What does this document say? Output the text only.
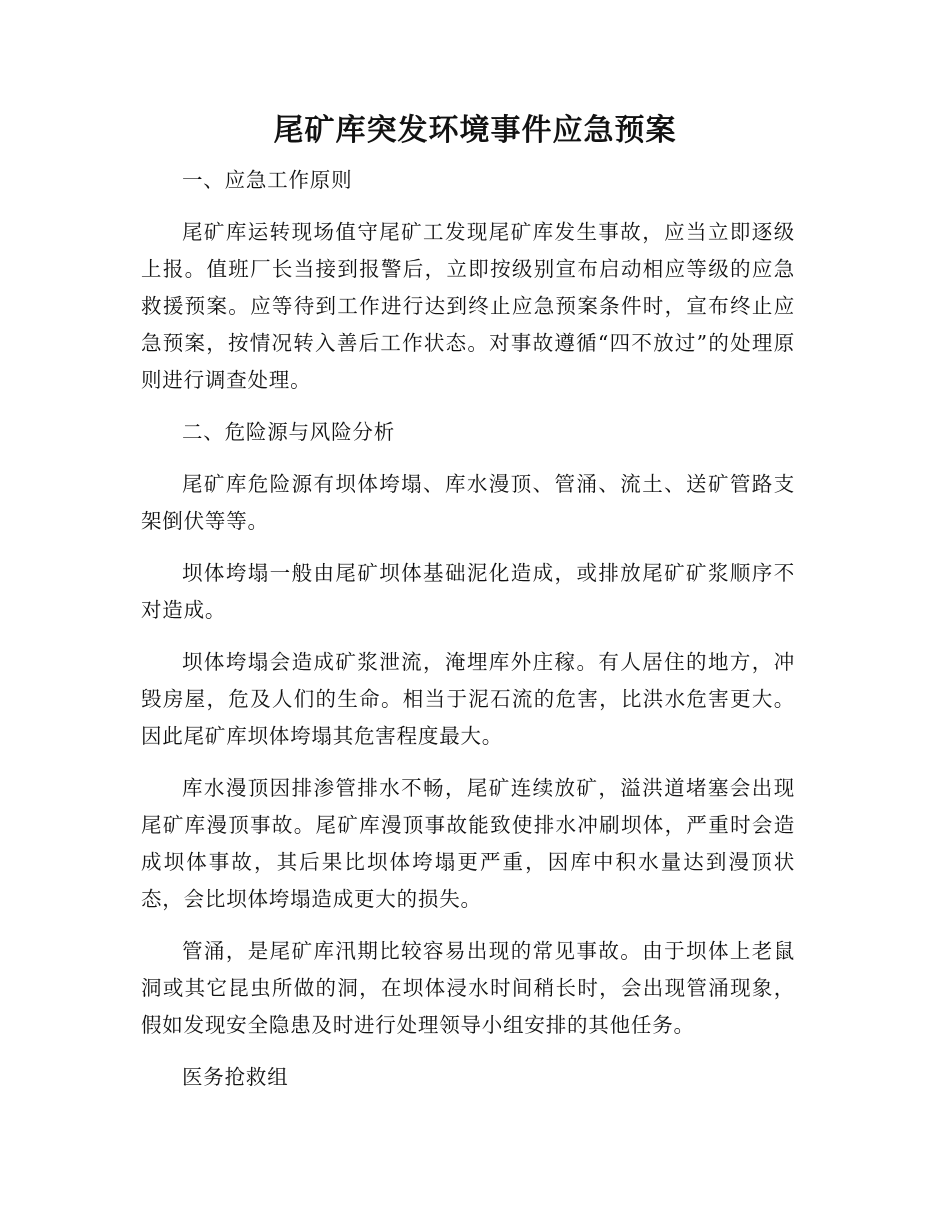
尾矿库突发环境事件应急预案

一、应急工作原则

尾矿库运转现场值守尾矿工发现尾矿库发生事故，应当立即逐级上报。值班厂长当接到报警后，立即按级别宣布启动相应等级的应急救援预案。应等待到工作进行达到终止应急预案条件时，宣布终止应急预案，按情况转入善后工作状态。对事故遵循“四不放过”的处理原则进行调查处理。

二、危险源与风险分析

尾矿库危险源有坝体垮塌、库水漫顶、管涌、流土、送矿管路支架倒伏等等。

坝体垮塌一般由尾矿坝体基础泥化造成，或排放尾矿矿浆顺序不对造成。

坝体垮塌会造成矿浆泄流，淹埋库外庄稼。有人居住的地方，冲毁房屋，危及人们的生命。相当于泥石流的危害，比洪水危害更大。因此尾矿库坝体垮塌其危害程度最大。

库水漫顶因排渗管排水不畅，尾矿连续放矿，溢洪道堵塞会出现尾矿库漫顶事故。尾矿库漫顶事故能致使排水冲刷坝体，严重时会造成坝体事故，其后果比坝体垮塌更严重，因库中积水量达到漫顶状态，会比坝体垮塌造成更大的损失。

管涌，是尾矿库汛期比较容易出现的常见事故。由于坝体上老鼠洞或其它昆虫所做的洞，在坝体浸水时间稍长时，会出现管涌现象，假如发现安全隐患及时进行处理领导小组安排的其他任务。

医务抢救组
